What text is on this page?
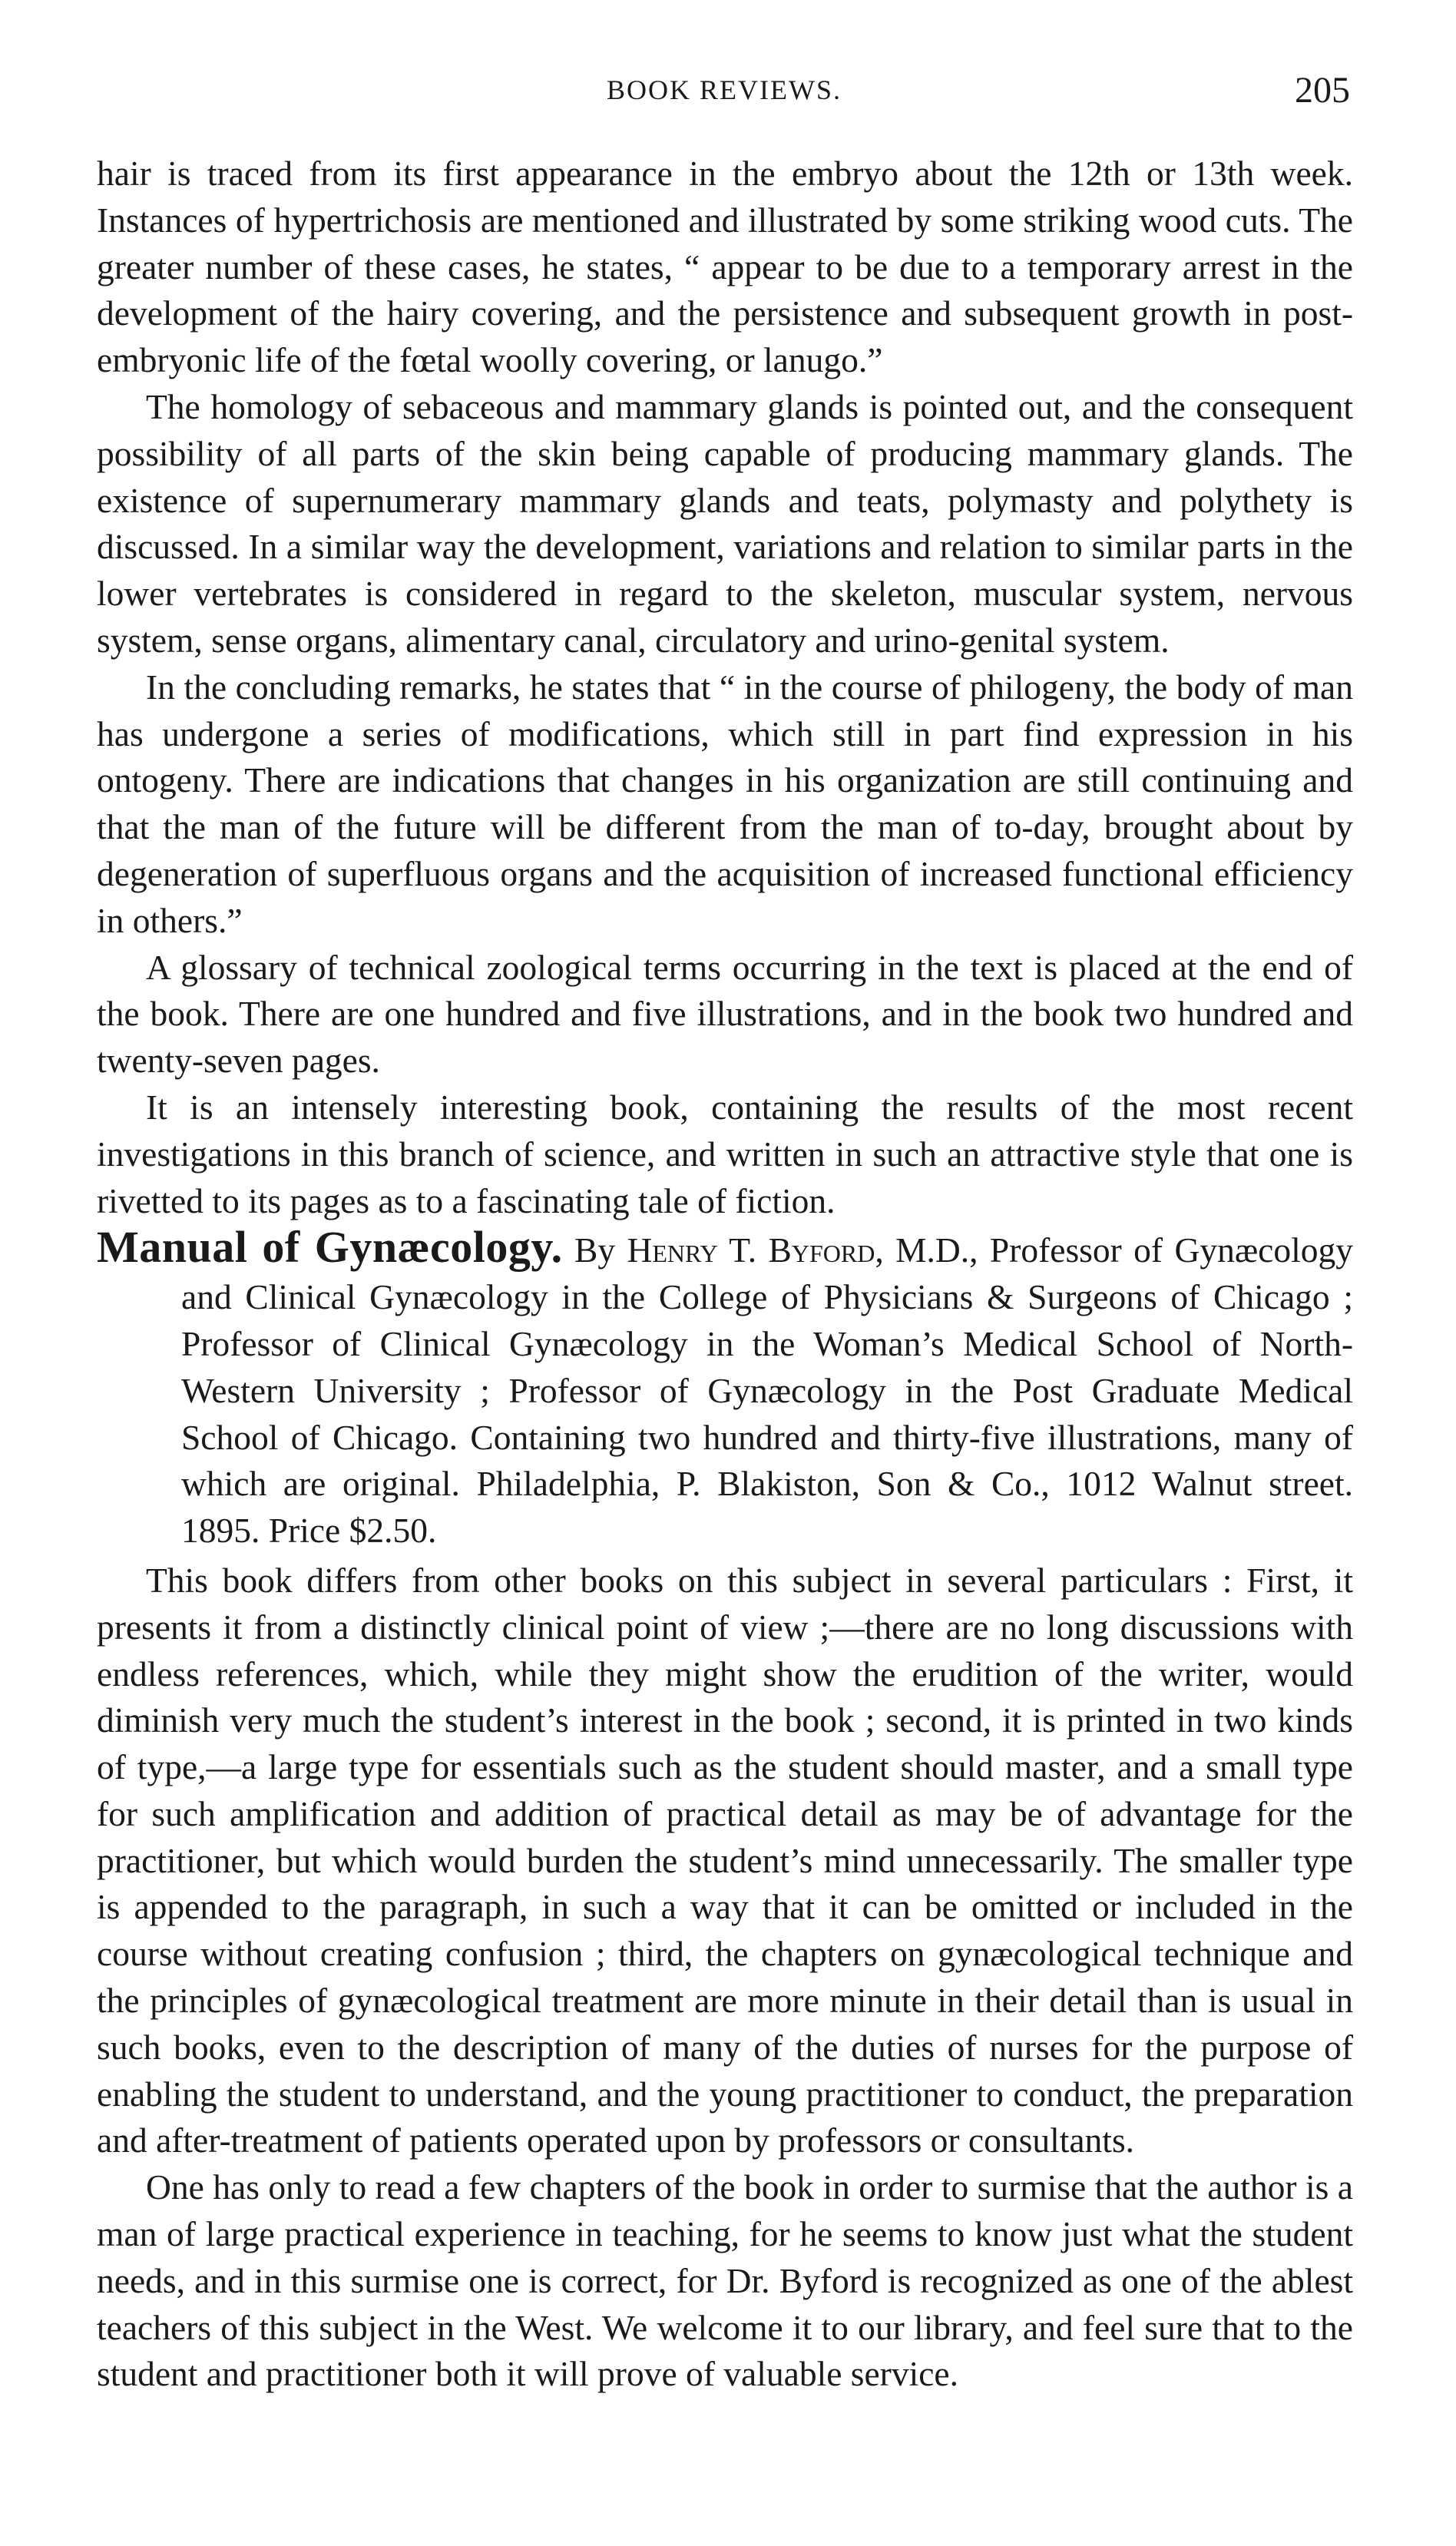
BOOK REVIEWS.	205

hair is traced from its first appearance in the embryo about the 12th or 13th week. Instances of hypertrichosis are mentioned and illustrated by some striking wood cuts. The greater number of these cases, he states, “ appear to be due to a temporary arrest in the development of the hairy covering, and the persistence and subsequent growth in post-embryonic life of the fœtal woolly covering, or lanugo.”

The homology of sebaceous and mammary glands is pointed out, and the consequent possibility of all parts of the skin being capable of producing mammary glands. The existence of supernumerary mammary glands and teats, polymasty and polythety is discussed. In a similar way the development, variations and relation to similar parts in the lower vertebrates is considered in regard to the skeleton, muscular system, nervous system, sense organs, alimentary canal, circulatory and urino-genital system.

In the concluding remarks, he states that “ in the course of philogeny, the body of man has undergone a series of modifications, which still in part find expression in his ontogeny. There are indications that changes in his organization are still continuing and that the man of the future will be different from the man of to-day, brought about by degeneration of superfluous organs and the acquisition of increased functional efficiency in others.”

A glossary of technical zoological terms occurring in the text is placed at the end of the book. There are one hundred and five illustrations, and in the book two hundred and twenty-seven pages.

It is an intensely interesting book, containing the results of the most recent investigations in this branch of science, and written in such an attractive style that one is rivetted to its pages as to a fascinating tale of fiction.

Manual of Gynæcology. By Henry T. Byford, M.D., Professor of Gynæcology and Clinical Gynæcology in the College of Physicians & Surgeons of Chicago ; Professor of Clinical Gynæcology in the Woman’s Medical School of North-Western University ; Professor of Gynæcology in the Post Graduate Medical School of Chicago. Containing two hundred and thirty-five illustrations, many of which are original. Philadelphia, P. Blakiston, Son & Co., 1012 Walnut street. 1895. Price $2.50.

This book differs from other books on this subject in several particulars : First, it presents it from a distinctly clinical point of view ;—there are no long discussions with endless references, which, while they might show the erudition of the writer, would diminish very much the student’s interest in the book ; second, it is printed in two kinds of type,—a large type for essentials such as the student should master, and a small type for such amplification and addition of practical detail as may be of advantage for the practitioner, but which would burden the student’s mind unnecessarily. The smaller type is appended to the paragraph, in such a way that it can be omitted or included in the course without creating confusion ; third, the chapters on gynæcological technique and the principles of gynæcological treatment are more minute in their detail than is usual in such books, even to the description of many of the duties of nurses for the purpose of enabling the student to understand, and the young practitioner to conduct, the preparation and after-treatment of patients operated upon by professors or consultants.

One has only to read a few chapters of the book in order to surmise that the author is a man of large practical experience in teaching, for he seems to know just what the student needs, and in this surmise one is correct, for Dr. Byford is recognized as one of the ablest teachers of this subject in the West. We welcome it to our library, and feel sure that to the student and practitioner both it will prove of valuable service.
